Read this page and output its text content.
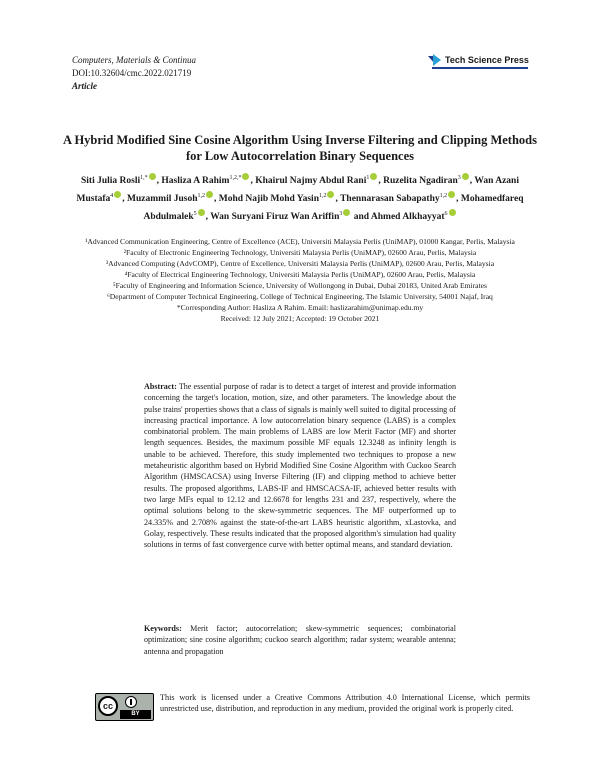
Computers, Materials & Continua
DOI:10.32604/cmc.2022.021719
Article
Tech Science Press
A Hybrid Modified Sine Cosine Algorithm Using Inverse Filtering and Clipping Methods for Low Autocorrelation Binary Sequences
Siti Julia Rosli$^{1,*}$ , Hasliza A Rahim$^{1,2,*}$ , Khairul Najmy Abdul Rani$^1$ , Ruzelita Ngadiran$^3$ , Wan Azani Mustafa$^4$ , Muzammil Jusoh$^{1,2}$ , Mohd Najib Mohd Yasin$^{1,2}$ , Thennarasan Sabapathy$^{1,2}$ , Mohamedfareq Abdulmalek$^5$ , Wan Suryani Firuz Wan Ariffin$^3$ and Ahmed Alkhayyat$^6$

¹Advanced Communication Engineering, Centre of Excellence (ACE), Universiti Malaysia Perlis (UniMAP), 01000 Kangar, Perlis, Malaysia

²Faculty of Electronic Engineering Technology, Universiti Malaysia Perlis (UniMAP), 02600 Arau, Perlis, Malaysia

³Advanced Computing (AdvCOMP), Centre of Excellence, Universiti Malaysia Perlis (UniMAP), 02600 Arau, Perlis, Malaysia

⁴Faculty of Electrical Engineering Technology, Universiti Malaysia Perlis (UniMAP), 02600 Arau, Perlis, Malaysia

⁵Faculty of Engineering and Information Science, University of Wollongong in Dubai, Dubai 20183, United Arab Emirates

⁶Department of Computer Technical Engineering, College of Technical Engineering, The Islamic University, 54001 Najaf, Iraq

*Corresponding Author: Hasliza A Rahim. Email: haslizarahim@unimap.edu.my

Received: 12 July 2021; Accepted: 19 October 2021

Abstract: The essential purpose of radar is to detect a target of interest and provide information concerning the target's location, motion, size, and other parameters. The knowledge about the pulse trains' properties shows that a class of signals is mainly well suited to digital processing of increasing practical importance. A low autocorrelation binary sequence (LABS) is a complex combinatorial problem. The main problems of LABS are low Merit Factor (MF) and shorter length sequences. Besides, the maximum possible MF equals 12.3248 as infinity length is unable to be achieved. Therefore, this study implemented two techniques to propose a new metaheuristic algorithm based on Hybrid Modified Sine Cosine Algorithm with Cuckoo Search Algorithm (HMSCACSA) using Inverse Filtering (IF) and clipping method to achieve better results. The proposed algorithms, LABS-IF and HMSCACSA-IF, achieved better results with two large MFs equal to 12.12 and 12.6678 for lengths 231 and 237, respectively, where the optimal solutions belong to the skew-symmetric sequences. The MF outperformed up to 24.335% and 2.708% against the state-of-the-art LABS heuristic algorithm, xLastovka, and Golay, respectively. These results indicated that the proposed algorithm's simulation had quality solutions in terms of fast convergence curve with better optimal means, and standard deviation.
Keywords: Merit factor; autocorrelation; skew-symmetric sequences; combinatorial optimization; sine cosine algorithm; cuckoo search algorithm; radar system; wearable antenna; antenna and propagation
cc
BY
This work is licensed under a Creative Commons Attribution 4.0 International License, which permits unrestricted use, distribution, and reproduction in any medium, provided the original work is properly cited.
